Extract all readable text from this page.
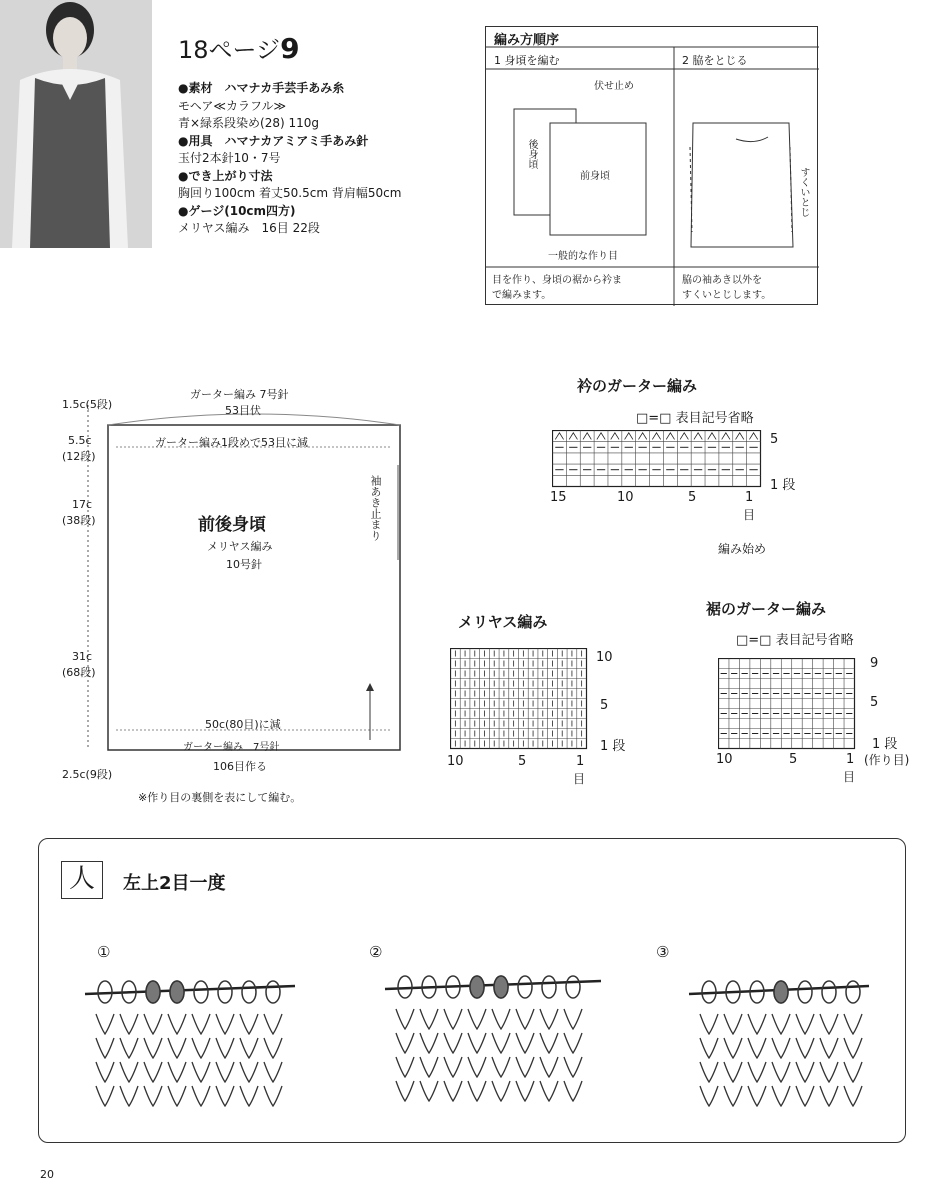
18ページ9
●素材　ハマナカ手芸手あみ糸
モヘア≪カラフル≫
青×緑系段染め(28) 110g
●用具　ハマナカアミアミ手あみ針
玉付2本針10・7号
●でき上がり寸法
胸回り100cm 着丈50.5cm 背肩幅50cm
●ゲージ(10cm四方)
メリヤス編み　16目 22段
編み方順序
1 身頃を編む	2 脇をとじる
伏せ止め
後身頃
前身頃
一般的な作り目
すくいとじ
目を作り、身頃の裾から衿ま
で編みます。
脇の袖あき以外を
すくいとじします。
ガーター編み 7号針
53目伏
ガーター編み1段めで53目に減
袖あき止まり
前後身頃
メリヤス編み
10号針
50c(80目)に減
ガーター編み　7号針
106目作る
※作り目の裏側を表にして編む。
1.5c(5段)
5.5c
(12段)
17c
(38段)
31c
(68段)
2.5c(9段)
衿のガーター編み
□=□ 表目記号省略
5
1 段
15	10	5	1
目
編み始め
メリヤス編み
10
5
1 段
10	5	1
目
裾のガーター編み
□=□ 表目記号省略
9
5
1 段
(作り目)
10	5	1
目
人	左上2目一度
①	②	③
20
